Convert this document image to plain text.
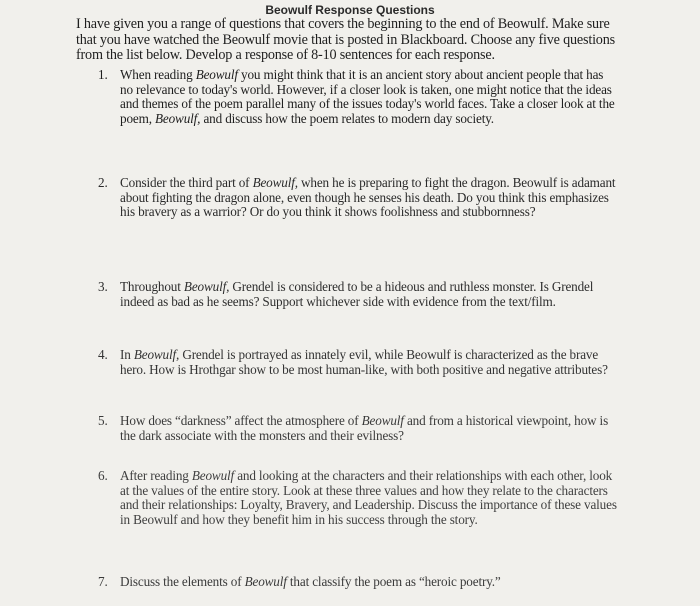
Beowulf Response Questions
I have given you a range of questions that covers the beginning to the end of Beowulf. Make sure that you have watched the Beowulf movie that is posted in Blackboard. Choose any five questions from the list below. Develop a response of 8-10 sentences for each response.
1. When reading Beowulf you might think that it is an ancient story about ancient people that has no relevance to today's world. However, if a closer look is taken, one might notice that the ideas and themes of the poem parallel many of the issues today's world faces. Take a closer look at the poem, Beowulf, and discuss how the poem relates to modern day society.
2. Consider the third part of Beowulf, when he is preparing to fight the dragon. Beowulf is adamant about fighting the dragon alone, even though he senses his death. Do you think this emphasizes his bravery as a warrior? Or do you think it shows foolishness and stubbornness?
3. Throughout Beowulf, Grendel is considered to be a hideous and ruthless monster. Is Grendel indeed as bad as he seems? Support whichever side with evidence from the text/film.
4. In Beowulf, Grendel is portrayed as innately evil, while Beowulf is characterized as the brave hero. How is Hrothgar show to be most human-like, with both positive and negative attributes?
5. How does “darkness” affect the atmosphere of Beowulf and from a historical viewpoint, how is the dark associate with the monsters and their evilness?
6. After reading Beowulf and looking at the characters and their relationships with each other, look at the values of the entire story. Look at these three values and how they relate to the characters and their relationships: Loyalty, Bravery, and Leadership. Discuss the importance of these values in Beowulf and how they benefit him in his success through the story.
7. Discuss the elements of Beowulf that classify the poem as “heroic poetry.”
